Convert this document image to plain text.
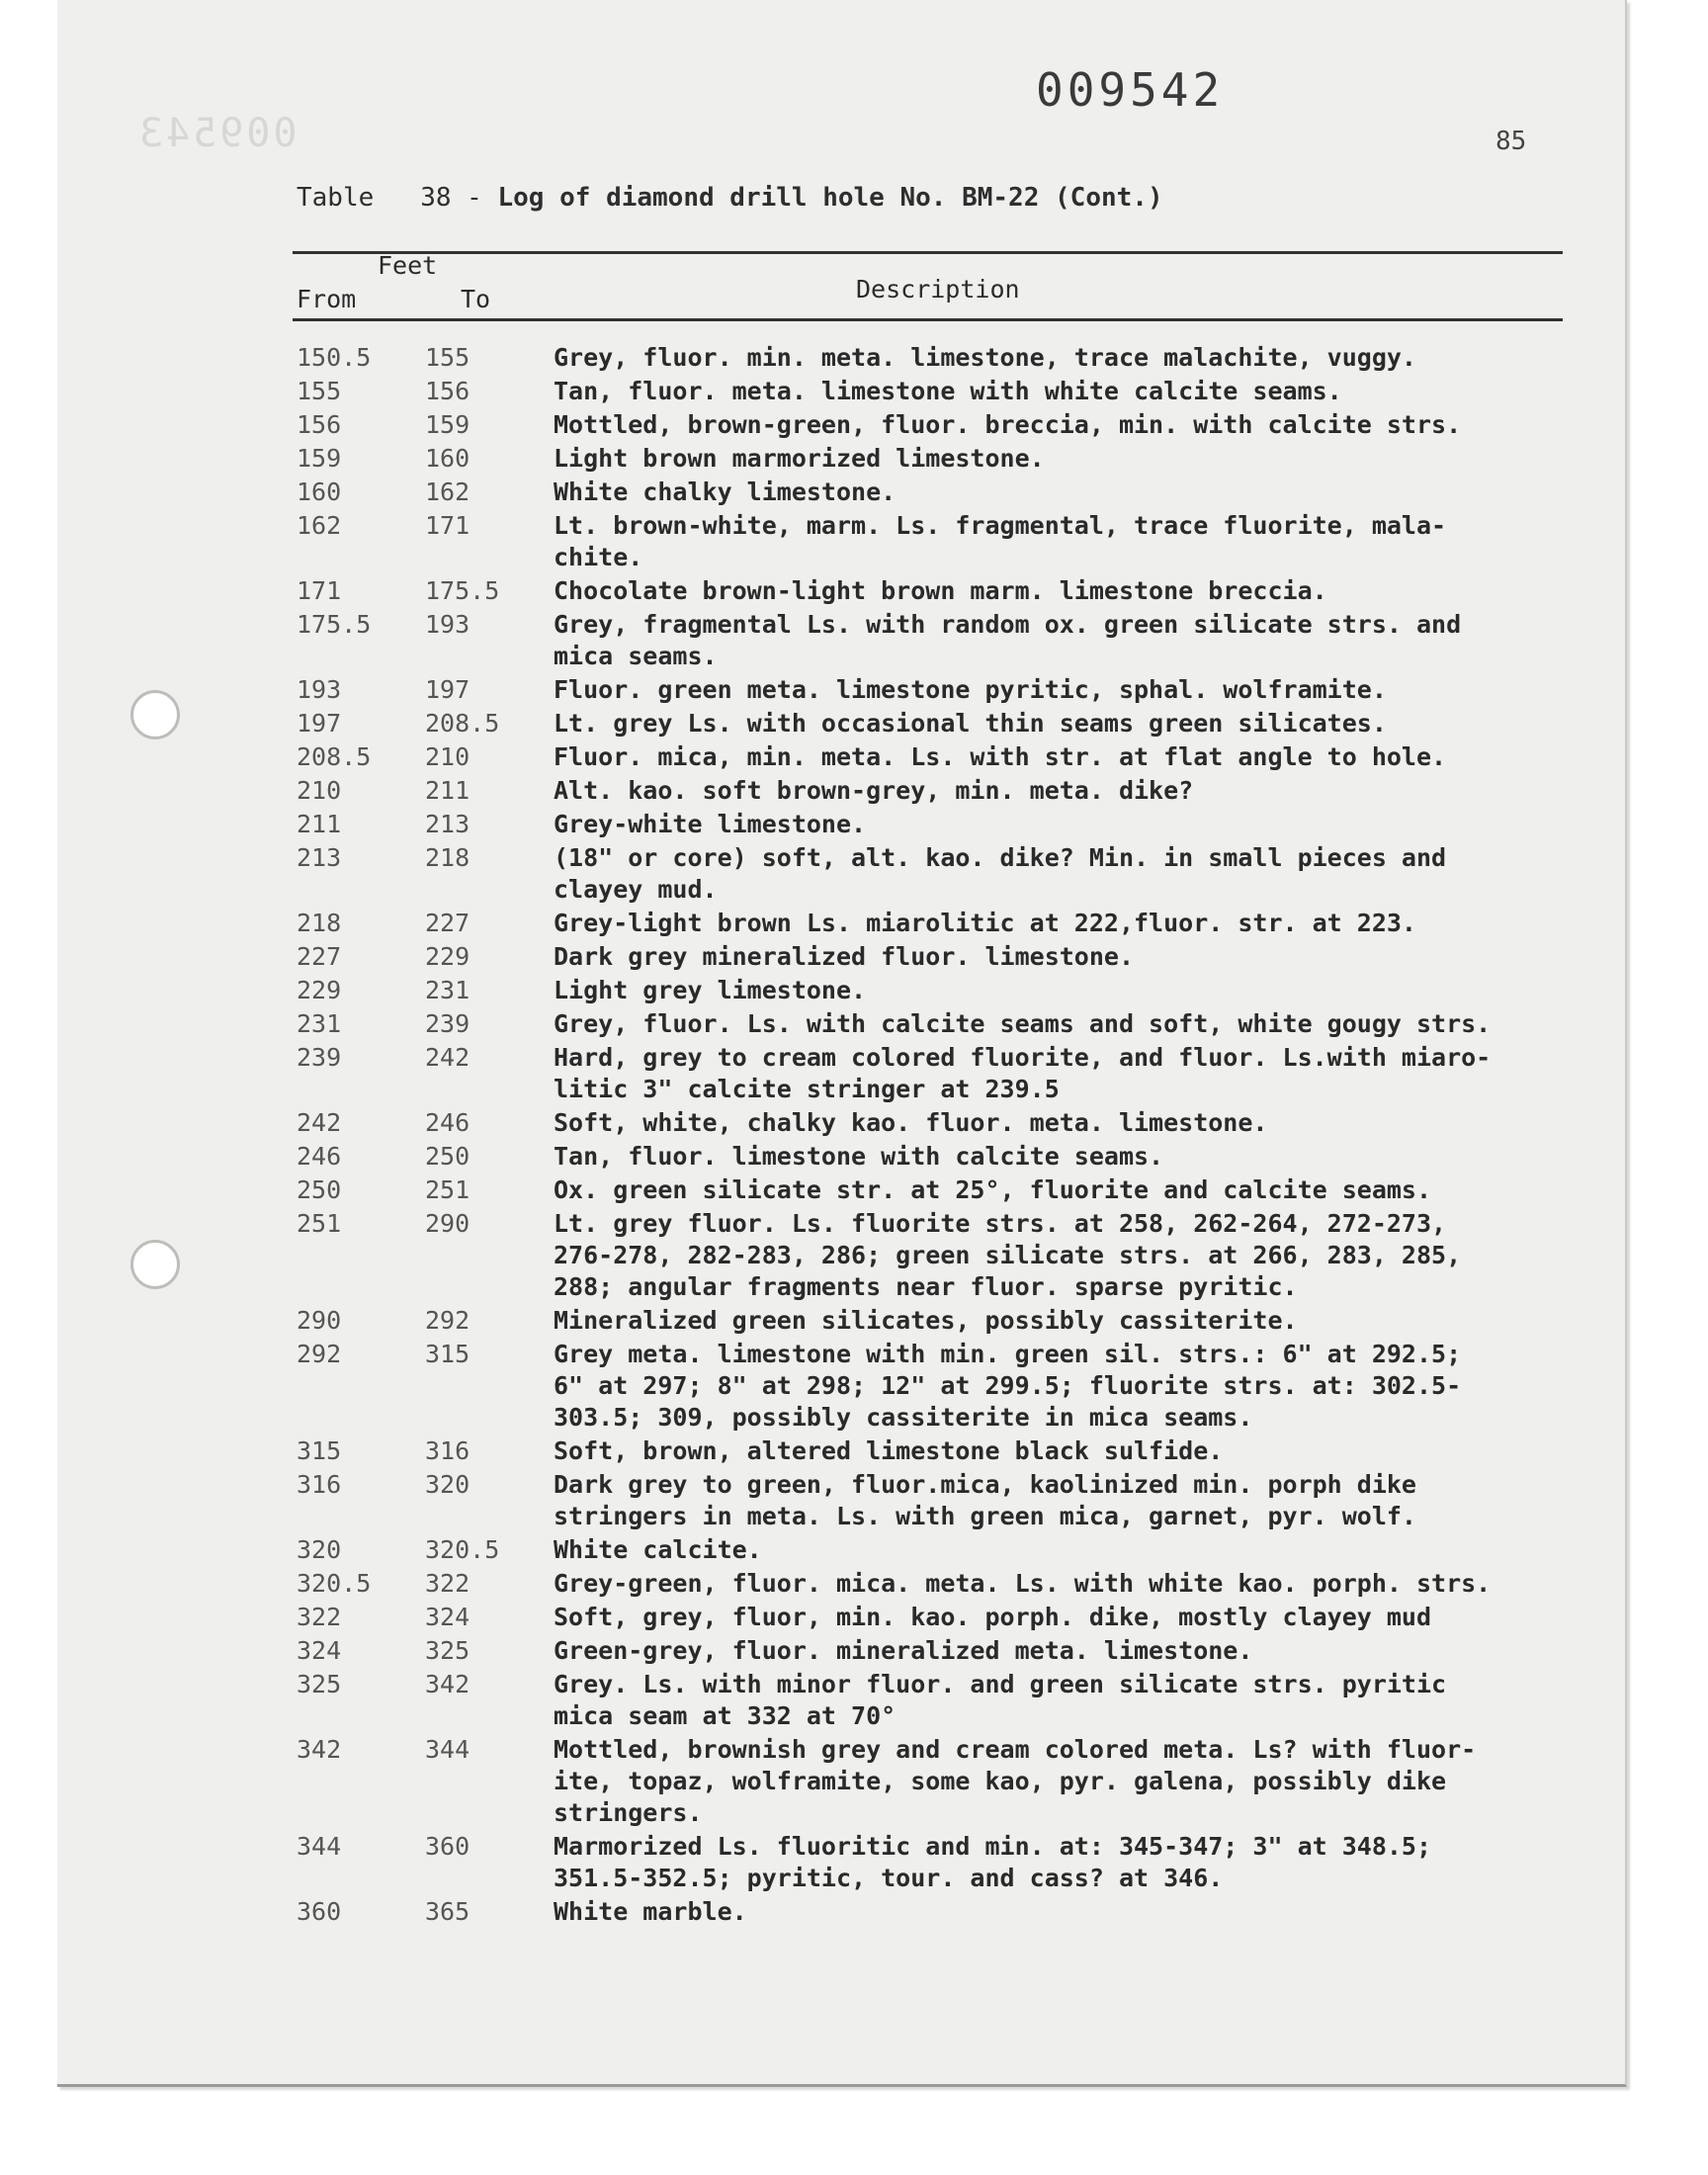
009543
009542
85
Table   38 - Log of diamond drill hole No. BM-22 (Cont.)
Feet
From	To	Description
150.5	155	Grey, fluor. min. meta. limestone, trace malachite, vuggy.
155	156	Tan, fluor. meta. limestone with white calcite seams.
156	159	Mottled, brown-green, fluor. breccia, min. with calcite strs.
159	160	Light brown marmorized limestone.
160	162	White chalky limestone.
162	171	Lt. brown-white, marm. Ls. fragmental, trace fluorite, mala-
chite.
171	175.5	Chocolate brown-light brown marm. limestone breccia.
175.5	193	Grey, fragmental Ls. with random ox. green silicate strs. and
mica seams.
193	197	Fluor. green meta. limestone pyritic, sphal. wolframite.
197	208.5	Lt. grey Ls. with occasional thin seams green silicates.
208.5	210	Fluor. mica, min. meta. Ls. with str. at flat angle to hole.
210	211	Alt. kao. soft brown-grey, min. meta. dike?
211	213	Grey-white limestone.
213	218	(18" or core) soft, alt. kao. dike? Min. in small pieces and
clayey mud.
218	227	Grey-light brown Ls. miarolitic at 222,fluor. str. at 223.
227	229	Dark grey mineralized fluor. limestone.
229	231	Light grey limestone.
231	239	Grey, fluor. Ls. with calcite seams and soft, white gougy strs.
239	242	Hard, grey to cream colored fluorite, and fluor. Ls.with miaro-
litic 3" calcite stringer at 239.5
242	246	Soft, white, chalky kao. fluor. meta. limestone.
246	250	Tan, fluor. limestone with calcite seams.
250	251	Ox. green silicate str. at 25°, fluorite and calcite seams.
251	290	Lt. grey fluor. Ls. fluorite strs. at 258, 262-264, 272-273,
276-278, 282-283, 286; green silicate strs. at 266, 283, 285,
288; angular fragments near fluor. sparse pyritic.
290	292	Mineralized green silicates, possibly cassiterite.
292	315	Grey meta. limestone with min. green sil. strs.: 6" at 292.5;
6" at 297; 8" at 298; 12" at 299.5; fluorite strs. at: 302.5-
303.5; 309, possibly cassiterite in mica seams.
315	316	Soft, brown, altered limestone black sulfide.
316	320	Dark grey to green, fluor.mica, kaolinized min. porph dike
stringers in meta. Ls. with green mica, garnet, pyr. wolf.
320	320.5	White calcite.
320.5	322	Grey-green, fluor. mica. meta. Ls. with white kao. porph. strs.
322	324	Soft, grey, fluor, min. kao. porph. dike, mostly clayey mud
324	325	Green-grey, fluor. mineralized meta. limestone.
325	342	Grey. Ls. with minor fluor. and green silicate strs. pyritic
mica seam at 332 at 70°
342	344	Mottled, brownish grey and cream colored meta. Ls? with fluor-
ite, topaz, wolframite, some kao, pyr. galena, possibly dike
stringers.
344	360	Marmorized Ls. fluoritic and min. at: 345-347; 3" at 348.5;
351.5-352.5; pyritic, tour. and cass? at 346.
360	365	White marble.
